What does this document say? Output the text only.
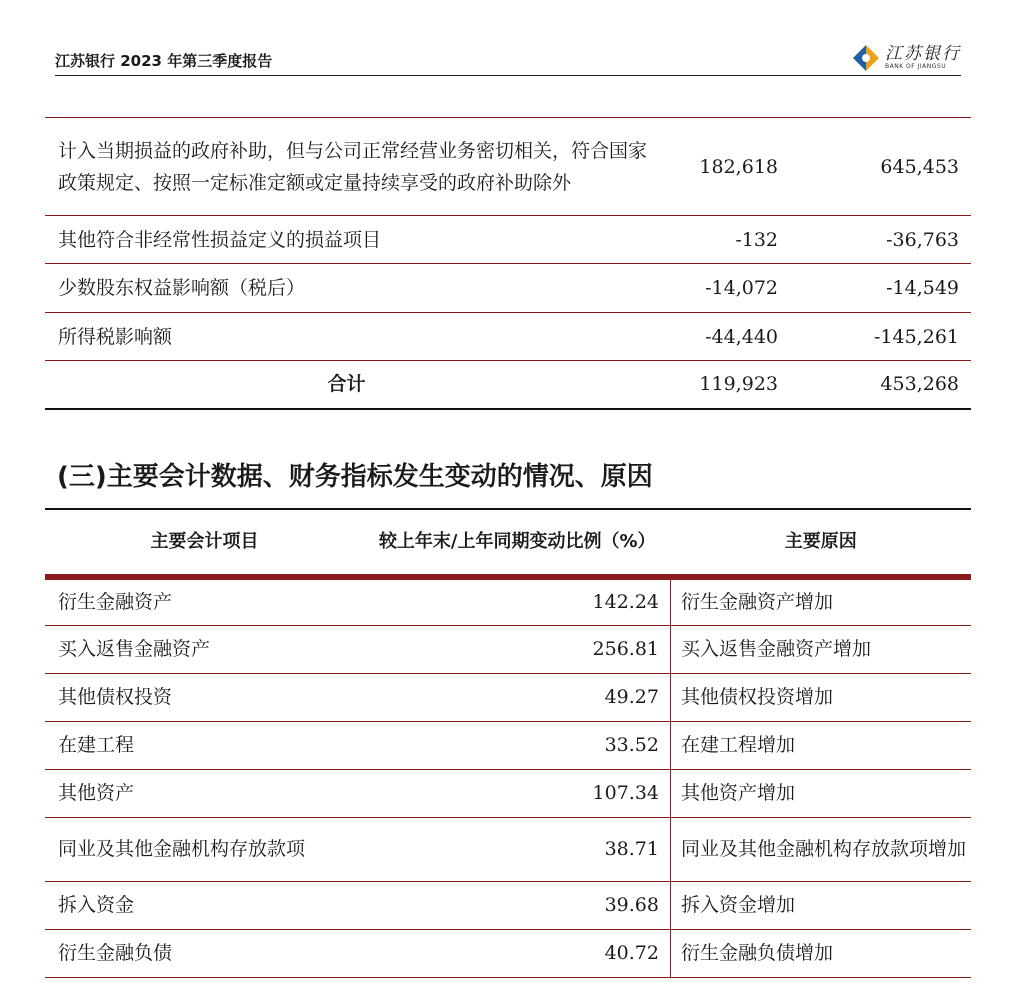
江苏银行 2023 年第三季度报告	江苏银行
BANK OF JIANGSU
计入当期损益的政府补助，但与公司正常经营业务密切相关，符合国家政策规定、按照一定标准定额或定量持续享受的政府补助除外	182,618	645,453
其他符合非经常性损益定义的损益项目	-132	-36,763
少数股东权益影响额（税后）	-14,072	-14,549
所得税影响额	-44,440	-145,261
合计	119,923	453,268
(三)主要会计数据、财务指标发生变动的情况、原因
主要会计项目	较上年末/上年同期变动比例（%）	主要原因
衍生金融资产	142.24	衍生金融资产增加
买入返售金融资产	256.81	买入返售金融资产增加
其他债权投资	49.27	其他债权投资增加
在建工程	33.52	在建工程增加
其他资产	107.34	其他资产增加
同业及其他金融机构存放款项	38.71	同业及其他金融机构存放款项增加
拆入资金	39.68	拆入资金增加
衍生金融负债	40.72	衍生金融负债增加
